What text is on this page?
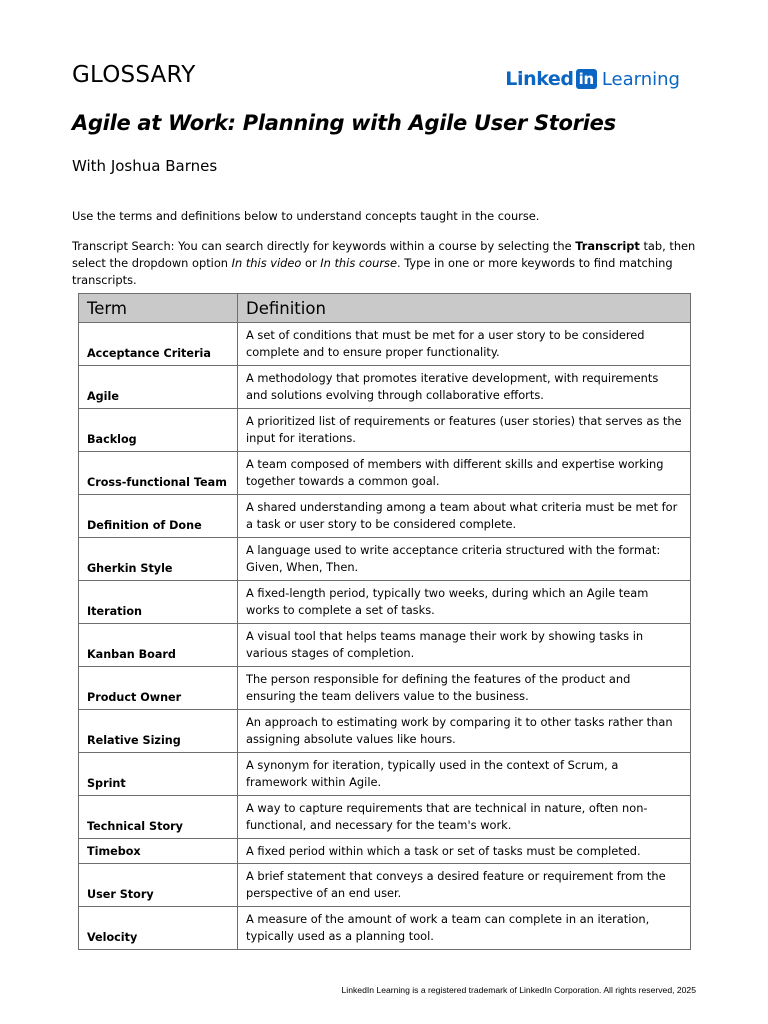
GLOSSARY	Linked in Learning
Agile at Work: Planning with Agile User Stories

With Joshua Barnes

Use the terms and definitions below to understand concepts taught in the course.

Transcript Search: You can search directly for keywords within a course by selecting the Transcript tab, then select the dropdown option In this video or In this course. Type in one or more keywords to find matching transcripts.

Term	Definition
Acceptance Criteria	A set of conditions that must be met for a user story to be considered complete and to ensure proper functionality.
Agile	A methodology that promotes iterative development, with requirements and solutions evolving through collaborative efforts.
Backlog	A prioritized list of requirements or features (user stories) that serves as the input for iterations.
Cross-functional Team	A team composed of members with different skills and expertise working together towards a common goal.
Definition of Done	A shared understanding among a team about what criteria must be met for a task or user story to be considered complete.
Gherkin Style	A language used to write acceptance criteria structured with the format: Given, When, Then.
Iteration	A fixed-length period, typically two weeks, during which an Agile team works to complete a set of tasks.
Kanban Board	A visual tool that helps teams manage their work by showing tasks in various stages of completion.
Product Owner	The person responsible for defining the features of the product and ensuring the team delivers value to the business.
Relative Sizing	An approach to estimating work by comparing it to other tasks rather than assigning absolute values like hours.
Sprint	A synonym for iteration, typically used in the context of Scrum, a framework within Agile.
Technical Story	A way to capture requirements that are technical in nature, often non-functional, and necessary for the team's work.
Timebox	A fixed period within which a task or set of tasks must be completed.
User Story	A brief statement that conveys a desired feature or requirement from the perspective of an end user.
Velocity	A measure of the amount of work a team can complete in an iteration, typically used as a planning tool.
LinkedIn Learning is a registered trademark of LinkedIn Corporation. All rights reserved, 2025
